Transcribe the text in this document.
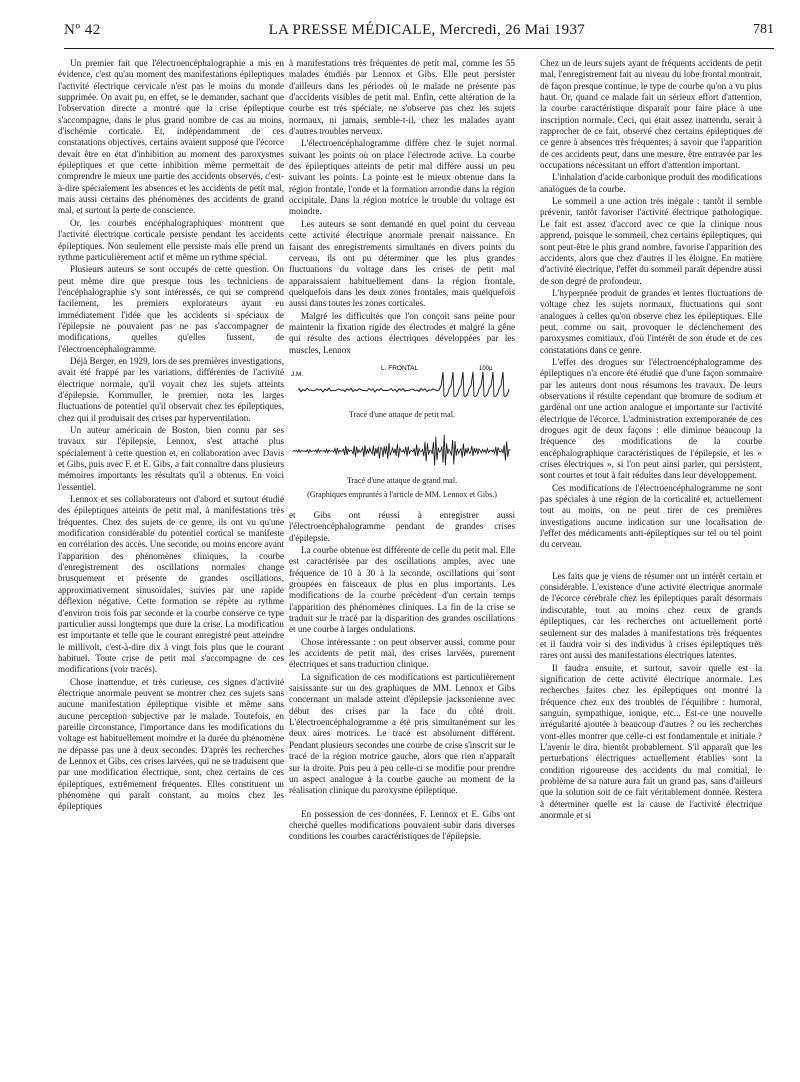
Nº 42	LA PRESSE MÉDICALE, Mercredi, 26 Mai 1937	781

Un premier fait que l'électroencéphalographie a mis en évidence, c'est qu'au moment des manifestations épileptiques l'activité électrique cervicale n'est pas le moins du monde supprimée. On avait pu, en effet, se le demander, sachant que l'observation directe a montré que la crise épileptique s'accompagne, dans le plus grand nombre de cas au moins, d'ischémie corticale. Et, indépendamment de ces constatations objectives, certains avaient supposé que l'écorce devait être en état d'inhibition au moment des paroxysmes épileptiques et que cette inhibition même permettait de comprendre le mieux une partie des accidents observés, c'est-à-dire spécialement les absences et les accidents de petit mal, mais aussi certains des phénomènes des accidents de grand mal, et surtout la perte de conscience.

Or, les courbes encéphalographiques montrent que l'activité électrique corticale persiste pendant les accidents épileptiques. Non seulement elle persiste mais elle prend un rythme particulièrement actif et même un rythme spécial.

Plusieurs auteurs se sont occupés de cette question. On peut même dire que presque tous les techniciens de l'encéphalographie s'y sont intéressés, ce qui se comprend facilement, les premiers explorateurs ayant eu immédiatement l'idée que les accidents si spéciaux de l'épilepsie ne pouvaient pas ne pas s'accompagner de modifications, quelles qu'elles fussent, de l'électroencéphalogramme.

Déjà Berger, en 1929, lors de ses premières investigations, avait été frappé par les variations, différentes de l'activité électrique normale, qu'il voyait chez les sujets atteints d'épilepsie. Kornmuller, le premier, nota les larges fluctuations de potentiel qu'il observait chez les épileptiques, chez qui il produisait des crises par hyperventilation.

Un auteur américain de Boston, bien connu par ses travaux sur l'épilepsie, Lennox, s'est attaché plus spécialement à cette question et, en collaboration avec Davis et Gibs, puis avec F. et E. Gibs, a fait connaître dans plusieurs mémoires importants les résultats qu'il a obtenus. En voici l'essentiel.

Lennox et ses collaborateurs ont d'abord et surtout étudié des épileptiques atteints de petit mal, à manifestations très fréquentes. Chez des sujets de ce genre, ils ont vu qu'une modification considérable du potentiel cortical se manifeste en corrélation des accès. Une seconde, ou moins encore avant l'apparition des phénomènes cliniques, la courbe d'enregistrement des oscillations normales change brusquement et présente de grandes oscillations, approximativement sinusoïdales, suivies par une rapide déflexion négative. Cette formation se répète au rythme d'environ trois fois par seconde et la courbe conserve ce type particulier aussi longtemps que dure la crise. La modification est importante et telle que le courant enregistré peut atteindre le millivolt, c'est-à-dire dix à vingt fois plus que le courant habituel. Toute crise de petit mal s'accompagne de ces modifications (voir tracés).

Chose inattendue, et très curieuse, ces signes d'activité électrique anormale peuvent se montrer chez ces sujets sans aucune manifestation épileptique visible et même sans aucune perception subjective par le malade. Toutefois, en pareille circonstance, l'importance dans les modifications du voltage est habituellement moindre et la durée du phénomène ne dépasse pas une à deux secondes. D'après les recherches de Lennox et Gibs, ces crises larvées, qui ne se traduisent que par une modification électrique, sont, chez certains de ces épileptiques, extrêmement fréquentes. Elles constituent un phénomène qui paraît constant, au moins chez les épileptiques

à manifestations très fréquentes de petit mal, comme les 55 malades étudiés par Lennox et Gibs. Elle peut persister d'ailleurs dans les périodes où le malade ne présente pas d'accidents visibles de petit mal. Enfin, cette altération de la courbe est très spéciale, ne s'observe pas chez les sujets normaux, ni jamais, semble-t-il, chez les malades ayant d'autres troubles nerveux.

L'électroencéphalogramme diffère chez le sujet normal suivant les points où on place l'électrode active. La courbe des épileptiques atteints de petit mal diffère aussi un peu suivant les points. La pointe est le mieux obtenue dans la région frontale, l'onde et la formation arrondie dans la région occipitale. Dans la région motrice le trouble du voltage est moindre.

Les auteurs se sont demandé en quel point du cerveau cette activité électrique anormale prenait naissance. En faisant des enregistrements simultanés en divers points du cerveau, ils ont pu déterminer que les plus grandes fluctuations du voltage dans les crises de petit mal apparaissaient habituellement dans la région frontale, quelquefois dans les deux zones frontales, mais quelquefois aussi dans toutes les zones corticales.

Malgré les difficultés que l'on conçoit sans peine pour maintenir la fixation rigide des électrodes et malgré la gêne qui résulte des actions électriques développées par les muscles, Lennox

J.M.
L. FRONTAL	100µ
Tracé d'une attaque de petit mal.
Tracé d'une attaque de grand mal.
(Graphiques empruntés à l'article de MM. Lennox et Gibs.)

et Gibs ont réussi à enregistrer aussi l'électroencéphalogramme pendant de grandes crises d'épilepsie.

La courbe obtenue est différente de celle du petit mal. Elle est caractérisée par des oscillations amples, avec une fréquence de 10 à 30 à la seconde, oscillations qui sont groupées en faisceaux de plus en plus importants. Les modifications de la courbe précèdent d'un certain temps l'apparition des phénomènes cliniques. La fin de la crise se traduit sur le tracé par la disparition des grandes oscillations et une courbe à larges ondulations.

Chose intéressante : on peut observer aussi, comme pour les accidents de petit mal, des crises larvées, purement électriques et sans traduction clinique.

La signification de ces modifications est particulièrement saisissante sur un des graphiques de MM. Lennox et Gibs concernant un malade atteint d'épilepsie jacksonienne avec début des crises par la face du côté droit. L'électroencéphalogramme a été pris simultanément sur les deux aires motrices. Le tracé est absolument différent. Pendant plusieurs secondes une courbe de crise s'inscrit sur le tracé de la région motrice gauche, alors que rien n'apparaît sur la droite. Puis peu à peu celle-ci se modifie pour prendre un aspect analogue à la courbe gauche au moment de la réalisation clinique du paroxysme épileptique.

En possession de ces données, F. Lennox et E. Gibs ont cherché quelles modifications pouvaient subir dans diverses conditions les courbes caractéristiques de l'épilepsie.

Chez un de leurs sujets ayant de fréquents accidents de petit mal, l'enregistrement fait au niveau du lobe frontal montrait, de façon presque continue, le type de courbe qu'on a vu plus haut. Or, quand ce malade fait un sérieux effort d'attention, la courbe caractéristique disparaît pour faire place à une inscription normale. Ceci, qui était assez inattendu, serait à rapprocher de ce fait, observé chez certains épileptiques de ce genre à absences très fréquentes, à savoir que l'apparition de ces accidents peut, dans une mesure, être entravée par les occupations nécessitant un effort d'attention important.

L'inhalation d'acide carbonique produit des modifications analogues de la courbe.

Le sommeil a une action très inégale : tantôt il semble prévenir, tantôt favoriser l'activité électrique pathologique. Le fait est assez d'accord avec ce que la clinique nous apprend, puisque le sommeil, chez certains épileptiques, qui sont peut-être le plus grand nombre, favorise l'apparition des accidents, alors que chez d'autres il les éloigne. En matière d'activité électrique, l'effet du sommeil paraît dépendre aussi de son degré de profondeur.

L'hyperpnée produit de grandes et lentes fluctuations de voltage chez les sujets normaux, fluctuations qui sont analogues à celles qu'on observe chez les épileptiques. Elle peut, comme on sait, provoquer le déclenchement des paroxysmes comitiaux, d'où l'intérêt de son étude et de ces constatations dans ce genre.

L'effet des drogues sur l'électroencéphalogramme des épileptiques n'a encore été étudié que d'une façon sommaire par les auteurs dont nous résumons les travaux. De leurs observations il résulte cependant que bromure de sodium et gardénal ont une action analogue et importante sur l'activité électrique de l'écorce. L'administration extemporanée de ces drogues agit de deux façons : elle diminue beaucoup la fréquence des modifications de la courbe encéphalographique caractéristiques de l'épilepsie, et les « crises électriques », si l'on peut ainsi parler, qui persistent, sont courtes et tout à fait réduites dans leur développement.

Ces modifications de l'électroencéphalogramme ne sont pas spéciales à une région de la corticalité et, actuellement tout au moins, on ne peut tirer de ces premières investigations aucune indication sur une localisation de l'effet des médicaments anti-épileptiques sur tel ou tel point du cerveau.

Les faits que je viens de résumer ont un intérêt certain et considérable. L'existence d'une activité électrique anormale de l'écorce cérébrale chez les épileptiques paraît désormais indiscutable, tout au moins chez ceux de grands épileptiques, car les recherches ont actuellement porté seulement sur des malades à manifestations très fréquentes et il faudra voir si des individus à crises épileptiques très rares ont aussi des manifestations électriques latentes.

Il faudra ensuite, et surtout, savoir quelle est la signification de cette activité électrique anormale. Les recherches faites chez les épileptiques ont montré la fréquence chez eux des troubles de l'équilibre : humoral, sanguin, sympathique, ionique, etc... Est-ce une nouvelle irrégularité ajoutée à beaucoup d'autres ? ou les recherches vont-elles montrer que celle-ci est fondamentale et initiale ? L'avenir le dira, bientôt probablement. S'il apparaît que les perturbations électriques actuellement établies sont la condition rigoureuse des accidents du mal comitial, le problème de sa nature aura fait un grand pas, sans d'ailleurs que la solution soit de ce fait véritablement donnée. Restera à déterminer quelle est la cause de l'activité électrique anormale et si
